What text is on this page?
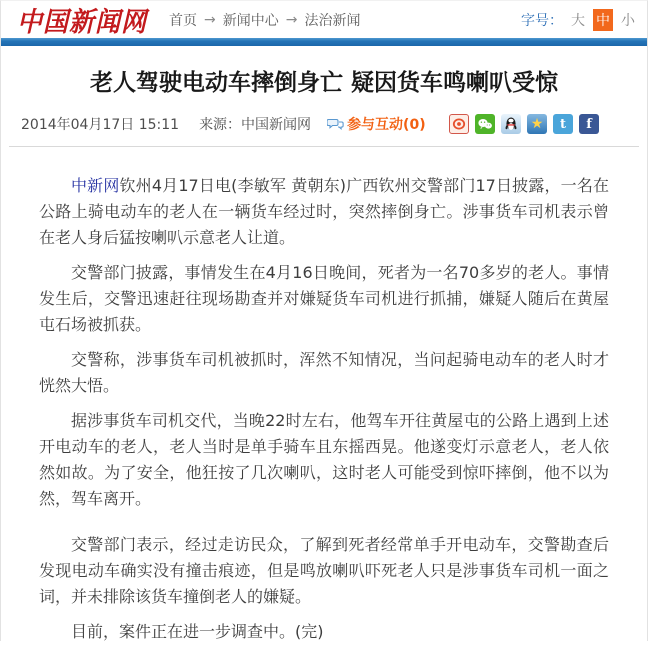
中国新闻网 首页 → 新闻中心 → 法治新闻	字号： 大 中 小
老人驾驶电动车摔倒身亡 疑因货车鸣喇叭受惊
2014年04月17日 15:11 来源：中国新闻网	参与互动(0)	★ t f

中新网钦州4月17日电(李敏军 黄朝东)广西钦州交警部门17日披露，一名在公路上骑电动车的老人在一辆货车经过时，突然摔倒身亡。涉事货车司机表示曾在老人身后猛按喇叭示意老人让道。

交警部门披露，事情发生在4月16日晚间，死者为一名70多岁的老人。事情发生后，交警迅速赶往现场勘查并对嫌疑货车司机进行抓捕，嫌疑人随后在黄屋屯石场被抓获。

交警称，涉事货车司机被抓时，浑然不知情况，当问起骑电动车的老人时才恍然大悟。

据涉事货车司机交代，当晚22时左右，他驾车开往黄屋屯的公路上遇到上述开电动车的老人，老人当时是单手骑车且东摇西晃。他遂变灯示意老人，老人依然如故。为了安全，他狂按了几次喇叭，这时老人可能受到惊吓摔倒，他不以为然，驾车离开。

交警部门表示，经过走访民众，了解到死者经常单手开电动车，交警勘查后发现电动车确实没有撞击痕迹，但是鸣放喇叭吓死老人只是涉事货车司机一面之词，并未排除该货车撞倒老人的嫌疑。

目前，案件正在进一步调查中。(完)
